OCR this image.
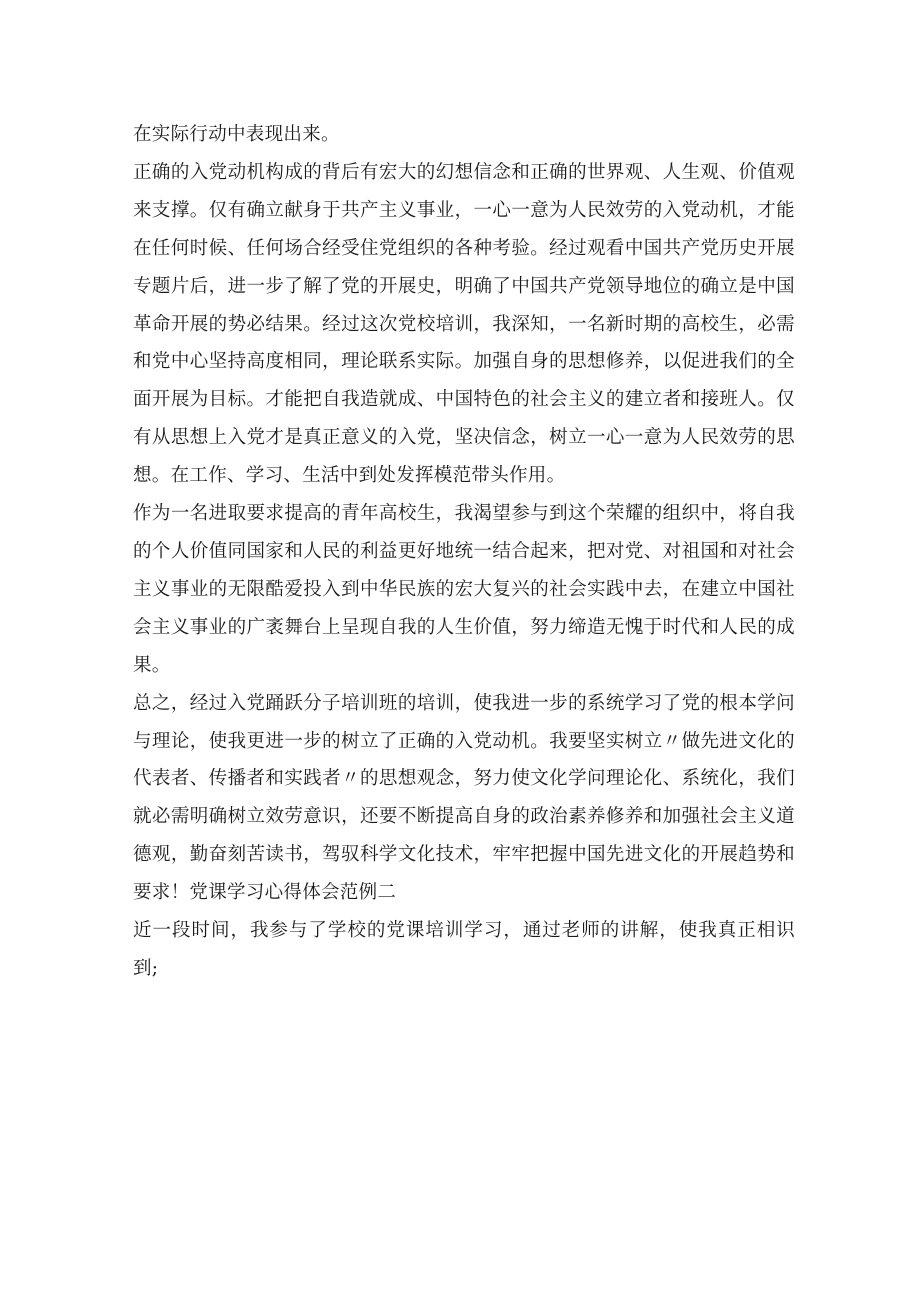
在实际行动中表现出来。

正确的入党动机构成的背后有宏大的幻想信念和正确的世界观、人生观、价值观来支撑。仅有确立献身于共产主义事业，一心一意为人民效劳的入党动机，才能在任何时候、任何场合经受住党组织的各种考验。经过观看中国共产党历史开展专题片后，进一步了解了党的开展史，明确了中国共产党领导地位的确立是中国革命开展的势必结果。经过这次党校培训，我深知，一名新时期的高校生，必需和党中心坚持高度相同，理论联系实际。加强自身的思想修养，以促进我们的全面开展为目标。才能把自我造就成、中国特色的社会主义的建立者和接班人。仅有从思想上入党才是真正意义的入党，坚决信念，树立一心一意为人民效劳的思想。在工作、学习、生活中到处发挥模范带头作用。

作为一名进取要求提高的青年高校生，我渴望参与到这个荣耀的组织中，将自我的个人价值同国家和人民的利益更好地统一结合起来，把对党、对祖国和对社会主义事业的无限酷爱投入到中华民族的宏大复兴的社会实践中去，在建立中国社会主义事业的广袤舞台上呈现自我的人生价值，努力缔造无愧于时代和人民的成果。

总之，经过入党踊跃分子培训班的培训，使我进一步的系统学习了党的根本学问与理论，使我更进一步的树立了正确的入党动机。我要坚实树立〃做先进文化的代表者、传播者和实践者〃的思想观念，努力使文化学问理论化、系统化，我们就必需明确树立效劳意识，还要不断提高自身的政治素养修养和加强社会主义道德观，勤奋刻苦读书，驾驭科学文化技术，牢牢把握中国先进文化的开展趋势和要求！党课学习心得体会范例二

近一段时间，我参与了学校的党课培训学习，通过老师的讲解，使我真正相识到;
